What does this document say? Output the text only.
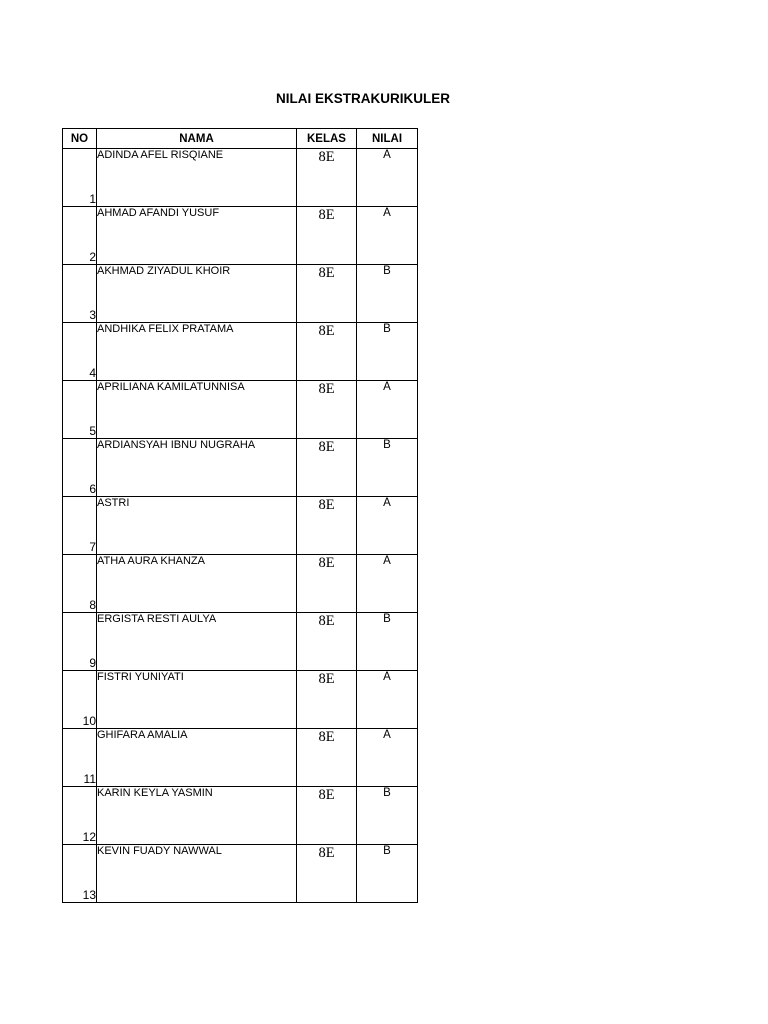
NILAI EKSTRAKURIKULER
NO	NAMA	KELAS	NILAI
1	ADINDA AFEL RISQIANE	8E	A
2	AHMAD AFANDI YUSUF	8E	A
3	AKHMAD ZIYADUL KHOIR	8E	B
4	ANDHIKA FELIX PRATAMA	8E	B
5	APRILIANA KAMILATUNNISA	8E	A
6	ARDIANSYAH IBNU NUGRAHA	8E	B
7	ASTRI	8E	A
8	ATHA AURA KHANZA	8E	A
9	ERGISTA RESTI AULYA	8E	B
10	FISTRI YUNIYATI	8E	A
11	GHIFARA AMALIA	8E	A
12	KARIN KEYLA YASMIN	8E	B
13	KEVIN FUADY NAWWAL	8E	B
